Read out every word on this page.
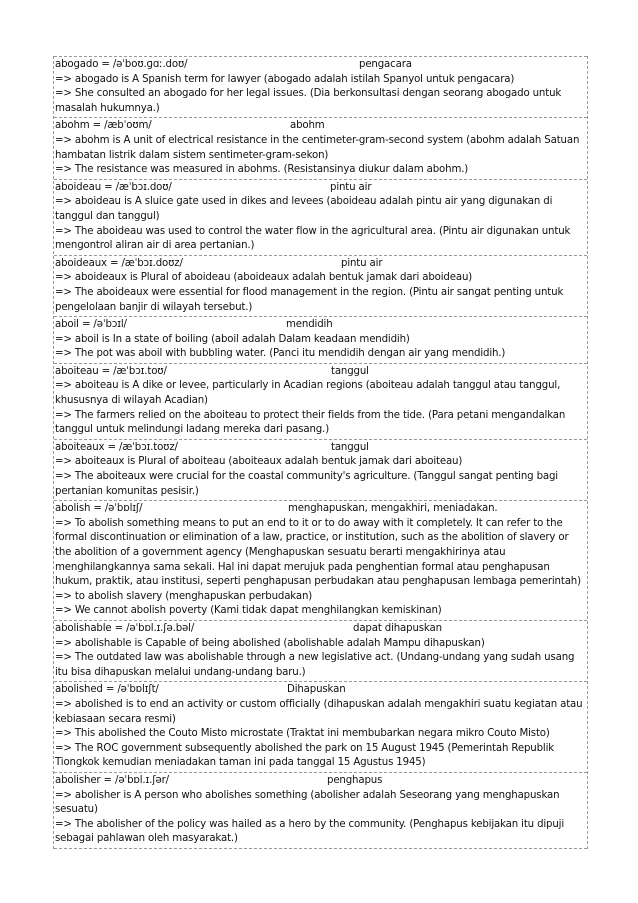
abogado = /əˈboʊ.ɡɑː.doʊ/	pengacara
=> abogado is A Spanish term for lawyer (abogado adalah istilah Spanyol untuk pengacara)
=> She consulted an abogado for her legal issues. (Dia berkonsultasi dengan seorang abogado untuk masalah hukumnya.)
abohm = /æbˈoʊm/	abohm
=> abohm is A unit of electrical resistance in the centimeter-gram-second system (abohm adalah Satuan hambatan listrik dalam sistem sentimeter-gram-sekon)
=> The resistance was measured in abohms. (Resistansinya diukur dalam abohm.)
aboideau = /æˈbɔɪ.doʊ/	pintu air
=> aboideau is A sluice gate used in dikes and levees (aboideau adalah pintu air yang digunakan di tanggul dan tanggul)
=> The aboideau was used to control the water flow in the agricultural area. (Pintu air digunakan untuk mengontrol aliran air di area pertanian.)
aboideaux = /æˈbɔɪ.doʊz/	pintu air
=> aboideaux is Plural of aboideau (aboideaux adalah bentuk jamak dari aboideau)
=> The aboideaux were essential for flood management in the region. (Pintu air sangat penting untuk pengelolaan banjir di wilayah tersebut.)
aboil = /əˈbɔɪl/	mendidih
=> aboil is In a state of boiling (aboil adalah Dalam keadaan mendidih)
=> The pot was aboil with bubbling water. (Panci itu mendidih dengan air yang mendidih.)
aboiteau = /æˈbɔɪ.toʊ/	tanggul
=> aboiteau is A dike or levee, particularly in Acadian regions (aboiteau adalah tanggul atau tanggul, khususnya di wilayah Acadian)
=> The farmers relied on the aboiteau to protect their fields from the tide. (Para petani mengandalkan tanggul untuk melindungi ladang mereka dari pasang.)
aboiteaux = /æˈbɔɪ.toʊz/	tanggul
=> aboiteaux is Plural of aboiteau (aboiteaux adalah bentuk jamak dari aboiteau)
=> The aboiteaux were crucial for the coastal community's agriculture. (Tanggul sangat penting bagi pertanian komunitas pesisir.)
abolish = /əˈbɒlɪʃ/	menghapuskan, mengakhiri, meniadakan.
=> To abolish something means to put an end to it or to do away with it completely. It can refer to the formal discontinuation or elimination of a law, practice, or institution, such as the abolition of slavery or the abolition of a government agency (Menghapuskan sesuatu berarti mengakhirinya atau menghilangkannya sama sekali. Hal ini dapat merujuk pada penghentian formal atau penghapusan hukum, praktik, atau institusi, seperti penghapusan perbudakan atau penghapusan lembaga pemerintah)
=> to abolish slavery (menghapuskan perbudakan)
=> We cannot abolish poverty (Kami tidak dapat menghilangkan kemiskinan)
abolishable = /əˈbɒl.ɪ.ʃə.bəl/	dapat dihapuskan
=> abolishable is Capable of being abolished (abolishable adalah Mampu dihapuskan)
=> The outdated law was abolishable through a new legislative act. (Undang-undang yang sudah usang itu bisa dihapuskan melalui undang-undang baru.)
abolished = /əˈbɒlɪʃt/	Dihapuskan
=> abolished is to end an activity or custom officially (dihapuskan adalah mengakhiri suatu kegiatan atau kebiasaan secara resmi)
=> This abolished the Couto Misto microstate (Traktat ini membubarkan negara mikro Couto Misto)
=> The ROC government subsequently abolished the park on 15 August 1945 (Pemerintah Republik Tiongkok kemudian meniadakan taman ini pada tanggal 15 Agustus 1945)
abolisher = /əˈbɒl.ɪ.ʃər/	penghapus
=> abolisher is A person who abolishes something (abolisher adalah Seseorang yang menghapuskan sesuatu)
=> The abolisher of the policy was hailed as a hero by the community. (Penghapus kebijakan itu dipuji sebagai pahlawan oleh masyarakat.)
